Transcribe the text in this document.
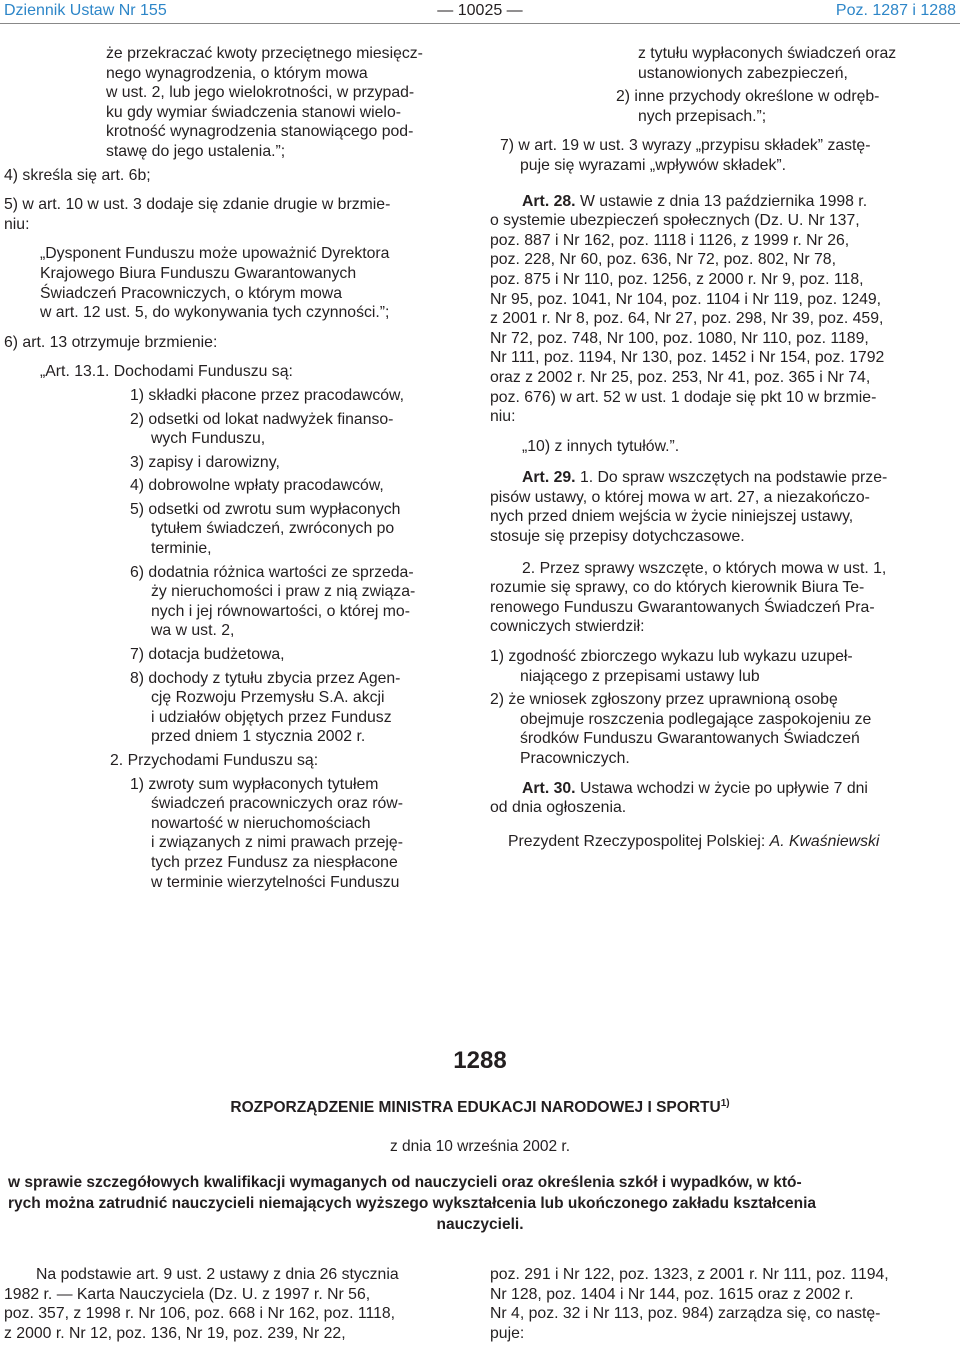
Dziennik Ustaw Nr 155	— 10025 —	Poz. 1287 i 1288

że przekraczać kwoty przeciętnego miesięcz-

nego wynagrodzenia, o którym mowa

w ust. 2, lub jego wielokrotności, w przypad-

ku gdy wymiar świadczenia stanowi wielo-

krotność wynagrodzenia stanowiącego pod-

stawę do jego ustalenia.”;

4) skreśla się art. 6b;

5) w art. 10 w ust. 3 dodaje się zdanie drugie w brzmie-

niu:

„Dysponent Funduszu może upoważnić Dyrektora

Krajowego Biura Funduszu Gwarantowanych

Świadczeń Pracowniczych, o którym mowa

w art. 12 ust. 5, do wykonywania tych czynności.”;

6) art. 13 otrzymuje brzmienie:

„Art. 13.1. Dochodami Funduszu są:

1) składki płacone przez pracodawców,

2) odsetki od lokat nadwyżek finanso-

wych Funduszu,

3) zapisy i darowizny,

4) dobrowolne wpłaty pracodawców,

5) odsetki od zwrotu sum wypłaconych

tytułem świadczeń, zwróconych po

terminie,

6) dodatnia różnica wartości ze sprzeda-

ży nieruchomości i praw z nią związa-

nych i jej równowartości, o której mo-

wa w ust. 2,

7) dotacja budżetowa,

8) dochody z tytułu zbycia przez Agen-

cję Rozwoju Przemysłu S.A. akcji

i udziałów objętych przez Fundusz

przed dniem 1 stycznia 2002 r.

2. Przychodami Funduszu są:

1) zwroty sum wypłaconych tytułem

świadczeń pracowniczych oraz rów-

nowartość w nieruchomościach

i związanych z nimi prawach przeję-

tych przez Fundusz za niespłacone

w terminie wierzytelności Funduszu

z tytułu wypłaconych świadczeń oraz

ustanowionych zabezpieczeń,

2) inne przychody określone w odręb-

nych przepisach.”;

7) w art. 19 w ust. 3 wyrazy „przypisu składek” zastę-

puje się wyrazami „wpływów składek”.

Art. 28. W ustawie z dnia 13 października 1998 r.

o systemie ubezpieczeń społecznych (Dz. U. Nr 137,

poz. 887 i Nr 162, poz. 1118 i 1126, z 1999 r. Nr 26,

poz. 228, Nr 60, poz. 636, Nr 72, poz. 802, Nr 78,

poz. 875 i Nr 110, poz. 1256, z 2000 r. Nr 9, poz. 118,

Nr 95, poz. 1041, Nr 104, poz. 1104 i Nr 119, poz. 1249,

z 2001 r. Nr 8, poz. 64, Nr 27, poz. 298, Nr 39, poz. 459,

Nr 72, poz. 748, Nr 100, poz. 1080, Nr 110, poz. 1189,

Nr 111, poz. 1194, Nr 130, poz. 1452 i Nr 154, poz. 1792

oraz z 2002 r. Nr 25, poz. 253, Nr 41, poz. 365 i Nr 74,

poz. 676) w art. 52 w ust. 1 dodaje się pkt 10 w brzmie-

niu:

„10) z innych tytułów.”.

Art. 29. 1. Do spraw wszczętych na podstawie prze-

pisów ustawy, o której mowa w art. 27, a niezakończo-

nych przed dniem wejścia w życie niniejszej ustawy,

stosuje się przepisy dotychczasowe.

2. Przez sprawy wszczęte, o których mowa w ust. 1,

rozumie się sprawy, co do których kierownik Biura Te-

renowego Funduszu Gwarantowanych Świadczeń Pra-

cowniczych stwierdził:

1) zgodność zbiorczego wykazu lub wykazu uzupeł-

niającego z przepisami ustawy lub

2) że wniosek zgłoszony przez uprawnioną osobę

obejmuje roszczenia podlegające zaspokojeniu ze

środków Funduszu Gwarantowanych Świadczeń

Pracowniczych.

Art. 30. Ustawa wchodzi w życie po upływie 7 dni

od dnia ogłoszenia.

Prezydent Rzeczypospolitej Polskiej: A. Kwaśniewski

1288
ROZPORZĄDZENIE MINISTRA EDUKACJI NARODOWEJ I SPORTU$^{1)}$
z dnia 10 września 2002 r.

w sprawie szczegółowych kwalifikacji wymaganych od nauczycieli oraz określenia szkół i wypadków, w któ-

rych można zatrudnić nauczycieli niemających wyższego wykształcenia lub ukończonego zakładu kształcenia

nauczycieli.

Na podstawie art. 9 ust. 2 ustawy z dnia 26 stycznia

1982 r. — Karta Nauczyciela (Dz. U. z 1997 r. Nr 56,

poz. 357, z 1998 r. Nr 106, poz. 668 i Nr 162, poz. 1118,

z 2000 r. Nr 12, poz. 136, Nr 19, poz. 239, Nr 22,

poz. 291 i Nr 122, poz. 1323, z 2001 r. Nr 111, poz. 1194,

Nr 128, poz. 1404 i Nr 144, poz. 1615 oraz z 2002 r.

Nr 4, poz. 32 i Nr 113, poz. 984) zarządza się, co nastę-

puje:
